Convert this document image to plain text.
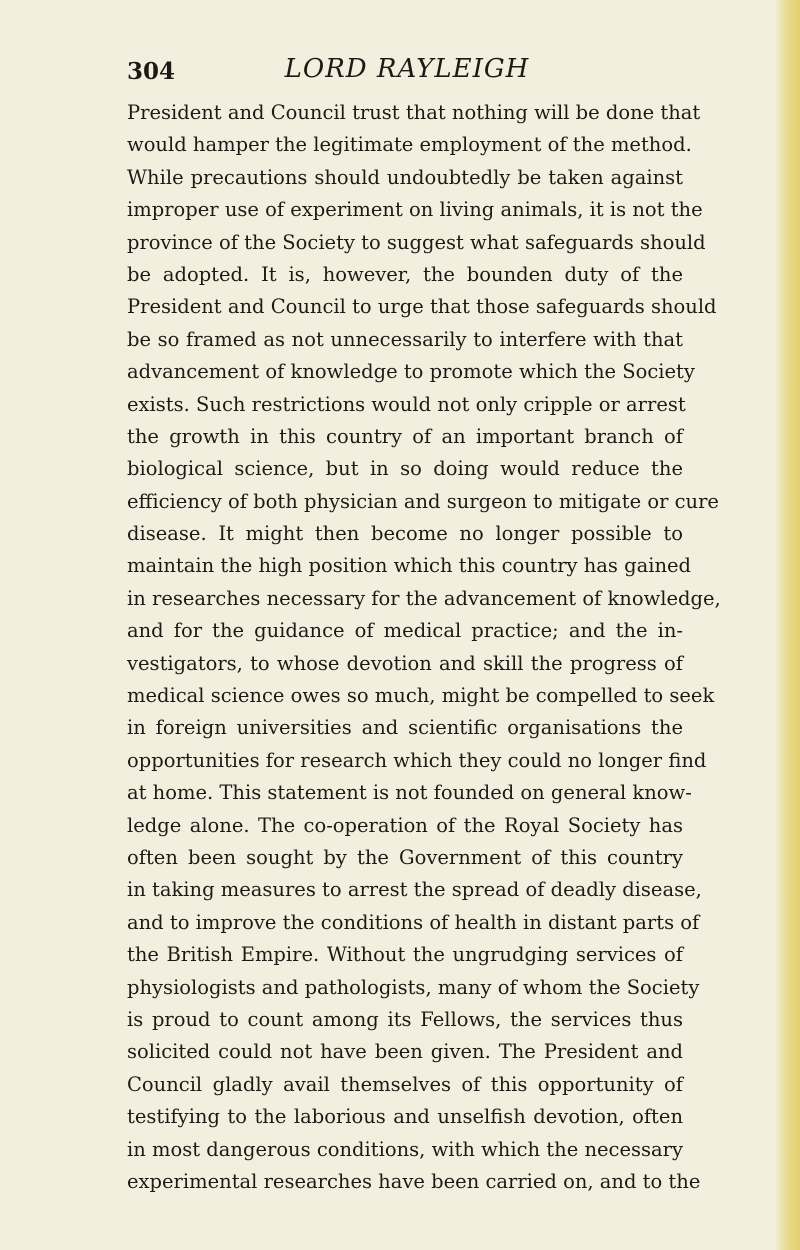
304	LORD RAYLEIGH
President and Council trust that nothing will be done that
would hamper the legitimate employment of the method.
While precautions should undoubtedly be taken against
improper use of experiment on living animals, it is not the
province of the Society to suggest what safeguards should
be adopted. It is, however, the bounden duty of the
President and Council to urge that those safeguards should
be so framed as not unnecessarily to interfere with that
advancement of knowledge to promote which the Society
exists. Such restrictions would not only cripple or arrest
the growth in this country of an important branch of
biological science, but in so doing would reduce the
efficiency of both physician and surgeon to mitigate or cure
disease. It might then become no longer possible to
maintain the high position which this country has gained
in researches necessary for the advancement of knowledge,
and for the guidance of medical practice; and the in-
vestigators, to whose devotion and skill the progress of
medical science owes so much, might be compelled to seek
in foreign universities and scientific organisations the
opportunities for research which they could no longer find
at home. This statement is not founded on general know-
ledge alone. The co-operation of the Royal Society has
often been sought by the Government of this country
in taking measures to arrest the spread of deadly disease,
and to improve the conditions of health in distant parts of
the British Empire. Without the ungrudging services of
physiologists and pathologists, many of whom the Society
is proud to count among its Fellows, the services thus
solicited could not have been given. The President and
Council gladly avail themselves of this opportunity of
testifying to the laborious and unselfish devotion, often
in most dangerous conditions, with which the necessary
experimental researches have been carried on, and to the
